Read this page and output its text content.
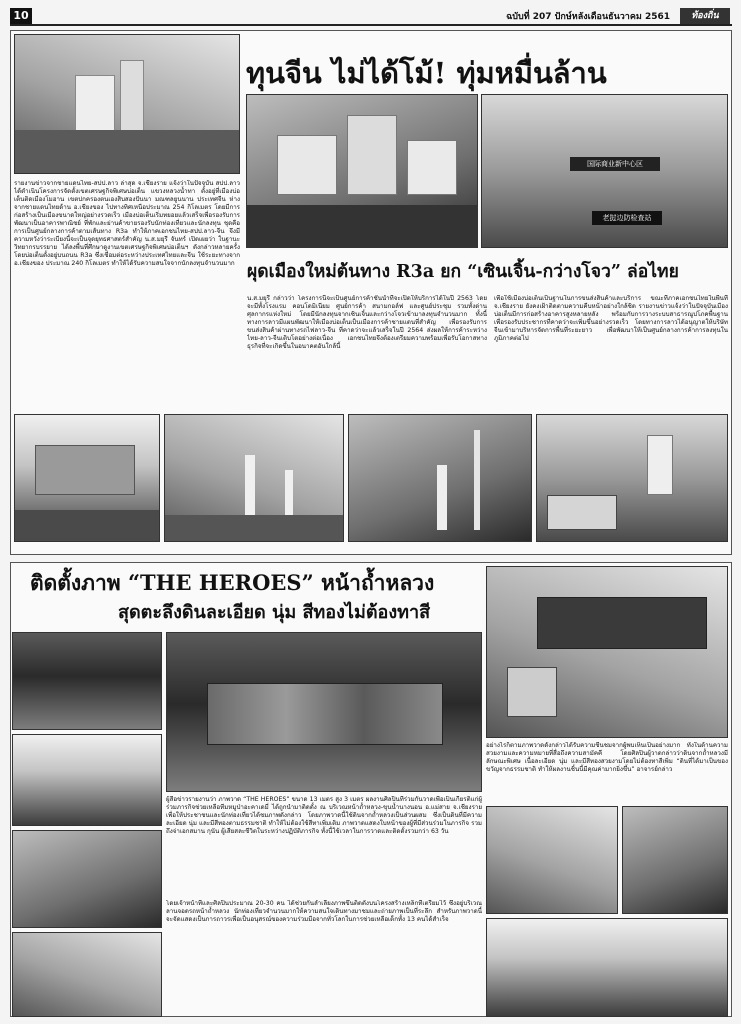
10	ฉบับที่ 207 ปักษ์หลังเดือนธันวาคม 2561	ท้องถิ่น
ทุนจีน ไม่ได้โม้! ทุ่มหมื่นล้าน
国际商业新中心区
老挝边防检查站
ผุดเมืองใหม่ต้นทาง R3a ยก “เซินเจิ้น-กว่างโจว” ล่อไทย
รายงานข่าวจากชายแดนไทย-สปป.ลาว ล่าสุด จ.เชียงราย แจ้งว่าในปัจจุบัน สปป.ลาว ได้ดำเนินโครงการจัดตั้งเขตเศรษฐกิจพิเศษบ่อเต็น แขวงหลวงน้ำทา ตั้งอยู่ที่เมืองบ่อเต็นติดเมืองโมฮาน เขตปกครองตนเองสิบสองปันนา มณฑลยูนนาน ประเทศจีน ห่างจากชายแดนไทยด้าน อ.เชียงของ ไปทางทิศเหนือประมาณ 254 กิโลเมตร โดยมีการก่อสร้างเป็นเมืองขนาดใหญ่อย่างรวดเร็ว เมืองบ่อเต็นเริ่มทยอยแล้วเสร็จเพื่อรองรับการพัฒนาเป็นอาคารพาณิชย์ ที่พักและย่านค้าขายรองรับนักท่องเที่ยวและนักลงทุน ชุดคือการเป็นศูนย์กลางการค้าตามเส้นทาง R3a ทำให้ภาคเอกชนไทย-สปป.ลาว-จีน จึงมีความหวังว่าระเบียงนี้จะเป็นจุดยุทธศาสตร์สำคัญ น.ส.มยุรี จันทร์ เปิดเผยว่า ในฐานะวิทยากรบรรยาย ได้ลงพื้นที่ศึกษาดูงานเขตเศรษฐกิจพิเศษบ่อเต็นฯ ดังกล่าวหลายครั้ง โดยบ่อเต็นตั้งอยู่บนถนน R3a ซึ่งเชื่อมต่อระหว่างประเทศไทยและจีน ใช้ระยะทางจาก อ.เชียงของ ประมาณ 240 กิโลเมตร ทำให้ได้รับความสนใจจากนักลงทุนจำนวนมาก
น.ส.มยุรี กล่าวว่า โครงการนี้จะเป็นศูนย์การค้าชั้นนำที่จะเปิดให้บริการได้ในปี 2563 โดยจะมีทั้งโรงแรม คอนโดมิเนียม ศูนย์การค้า สนามกอล์ฟ และศูนย์ประชุม รวมทั้งด่านศุลกากรแห่งใหม่ โดยมีนักลงทุนจากเซินเจิ้นและกว่างโจวเข้ามาลงทุนจำนวนมาก ทั้งนี้ทางการลาวมีแผนพัฒนาให้เมืองบ่อเต็นเป็นเมืองการค้าชายแดนที่สำคัญ เพื่อรองรับการขนส่งสินค้าผ่านทางรถไฟลาว-จีน ที่คาดว่าจะแล้วเสร็จในปี 2564 ส่งผลให้การค้าระหว่างไทย-ลาว-จีนเติบโตอย่างต่อเนื่อง เอกชนไทยจึงต้องเตรียมความพร้อมเพื่อรับโอกาสทางธุรกิจที่จะเกิดขึ้นในอนาคตอันใกล้นี้
เพื่อใช้เมืองบ่อเต็นเป็นฐานในการขนส่งสินค้าและบริการ ขณะที่ภาคเอกชนไทยในพื้นที่ จ.เชียงราย ยังคงเฝ้าติดตามความคืบหน้าอย่างใกล้ชิด รายงานข่าวแจ้งว่าในปัจจุบันเมืองบ่อเต็นมีการก่อสร้างอาคารสูงหลายหลัง พร้อมกับการวางระบบสาธารณูปโภคพื้นฐาน เพื่อรองรับประชากรที่คาดว่าจะเพิ่มขึ้นอย่างรวดเร็ว โดยทางการลาวได้อนุญาตให้บริษัทจีนเข้ามาบริหารจัดการพื้นที่ระยะยาว เพื่อพัฒนาให้เป็นศูนย์กลางการค้าการลงทุนในภูมิภาคต่อไป
ติดตั้งภาพ “THE HEROES” หน้าถ้ำหลวง
สุดตะลึงดินละเอียด นุ่ม สีทองไม่ต้องทาสี
ผู้สื่อข่าวรายงานว่า ภาพวาด “THE HEROES” ขนาด 13 เมตร สูง 3 เมตร ผลงานศิลปินที่ร่วมกันวาดเพื่อเป็นเกียรติแก่ผู้ร่วมภารกิจช่วยเหลือทีมหมูป่าอะคาเดมี่ ได้ถูกนำมาติดตั้ง ณ บริเวณหน้าถ้ำหลวง-ขุนน้ำนางนอน อ.แม่สาย จ.เชียงราย เพื่อให้ประชาชนและนักท่องเที่ยวได้ชมภาพดังกล่าว โดยภาพวาดนี้ใช้ดินจากถ้ำหลวงเป็นส่วนผสม ซึ่งเป็นดินที่มีความละเอียด นุ่ม และมีสีทองตามธรรมชาติ ทำให้ไม่ต้องใช้สีทาเพิ่มเติม ภาพวาดแสดงใบหน้าของผู้ที่มีส่วนร่วมในภารกิจ รวมถึงจ่าเอกสมาน กุนัน ผู้เสียสละชีวิตในระหว่างปฏิบัติภารกิจ ทั้งนี้ใช้เวลาในการวาดและติดตั้งรวมกว่า 63 วัน
โดยเจ้าหน้าที่และศิลปินประมาณ 20-30 คน ได้ช่วยกันลำเลียงภาพขึ้นติดตั้งบนโครงสร้างเหล็กที่เตรียมไว้ ซึ่งอยู่บริเวณลานจอดรถหน้าถ้ำหลวง นักท่องเที่ยวจำนวนมากให้ความสนใจเดินทางมาชมและถ่ายภาพเป็นที่ระลึก สำหรับภาพวาดนี้จะจัดแสดงเป็นการถาวรเพื่อเป็นอนุสรณ์ของความร่วมมือจากทั่วโลกในการช่วยเหลือเด็กทั้ง 13 คนได้สำเร็จ
อย่างไรก็ตามภาพวาดดังกล่าวได้รับความชื่นชมจากผู้พบเห็นเป็นอย่างมาก ทั้งในด้านความสวยงามและความหมายที่สื่อถึงความสามัคคี โดยศิลปินผู้วาดกล่าวว่าดินจากถ้ำหลวงมีลักษณะพิเศษ เนื้อละเอียด นุ่ม และมีสีทองสวยงามโดยไม่ต้องทาสีเพิ่ม “ดินที่ได้มาเป็นของขวัญจากธรรมชาติ ทำให้ผลงานชิ้นนี้มีคุณค่ามากยิ่งขึ้น” อาจารย์กล่าว
